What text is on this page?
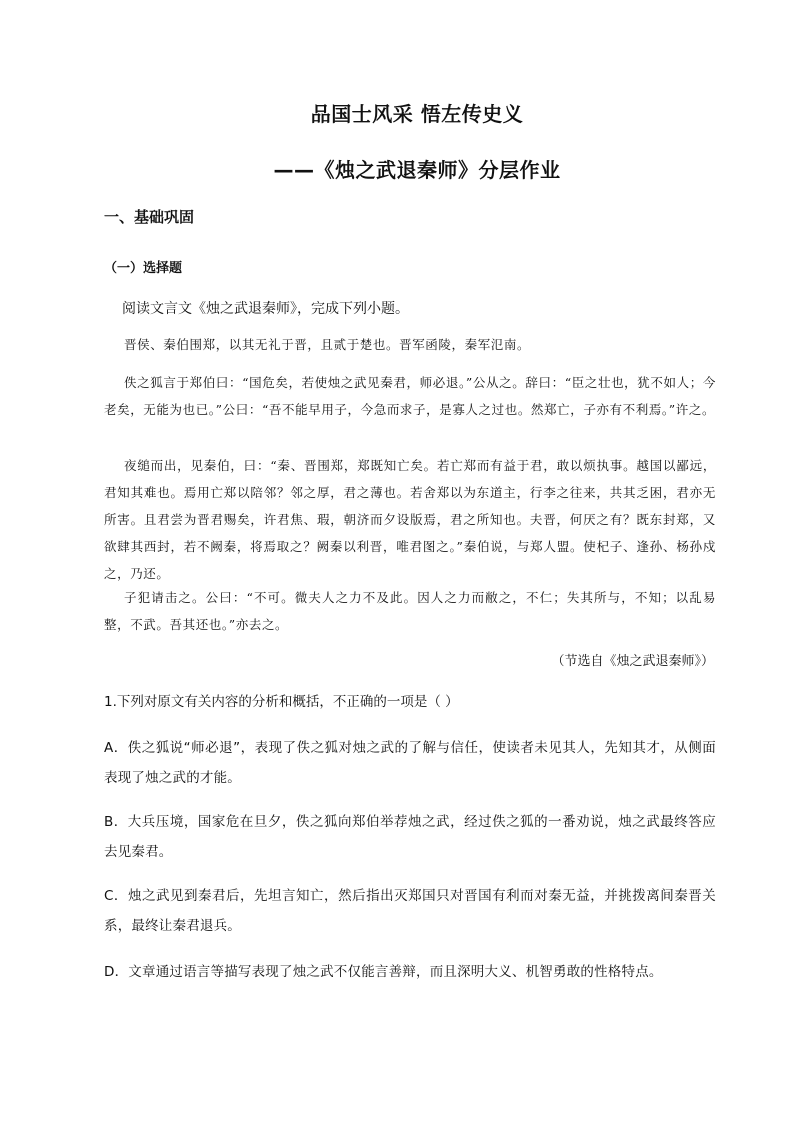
品国士风采 悟左传史义
——《烛之武退秦师》分层作业
一、基础巩固
（一）选择题
阅读文言文《烛之武退秦师》，完成下列小题。
晋侯、秦伯围郑，以其无礼于晋，且贰于楚也。晋军函陵，秦军氾南。
佚之狐言于郑伯曰：“国危矣，若使烛之武见秦君，师必退。”公从之。辞曰：“臣之壮也，犹不如人；今老矣，无能为也已。”公曰：“吾不能早用子，今急而求子，是寡人之过也。然郑亡，子亦有不利焉。”许之。
夜缒而出，见秦伯，曰：“秦、晋围郑，郑既知亡矣。若亡郑而有益于君，敢以烦执事。越国以鄙远，君知其难也。焉用亡郑以陪邻？邻之厚，君之薄也。若舍郑以为东道主，行李之往来，共其乏困，君亦无所害。且君尝为晋君赐矣，许君焦、瑕，朝济而夕设版焉，君之所知也。夫晋，何厌之有？既东封郑，又欲肆其西封，若不阙秦，将焉取之？阙秦以利晋，唯君图之。”秦伯说，与郑人盟。使杞子、逢孙、杨孙戍之，乃还。
子犯请击之。公曰：“不可。微夫人之力不及此。因人之力而敝之，不仁；失其所与，不知；以乱易整，不武。吾其还也。”亦去之。
（节选自《烛之武退秦师》）
1.下列对原文有关内容的分析和概括，不正确的一项是（ ）
A．佚之狐说“师必退”，表现了佚之狐对烛之武的了解与信任，使读者未见其人，先知其才，从侧面表现了烛之武的才能。
B．大兵压境，国家危在旦夕，佚之狐向郑伯举荐烛之武，经过佚之狐的一番劝说，烛之武最终答应去见秦君。
C．烛之武见到秦君后，先坦言知亡，然后指出灭郑国只对晋国有利而对秦无益，并挑拨离间秦晋关系，最终让秦君退兵。
D．文章通过语言等描写表现了烛之武不仅能言善辩，而且深明大义、机智勇敢的性格特点。
